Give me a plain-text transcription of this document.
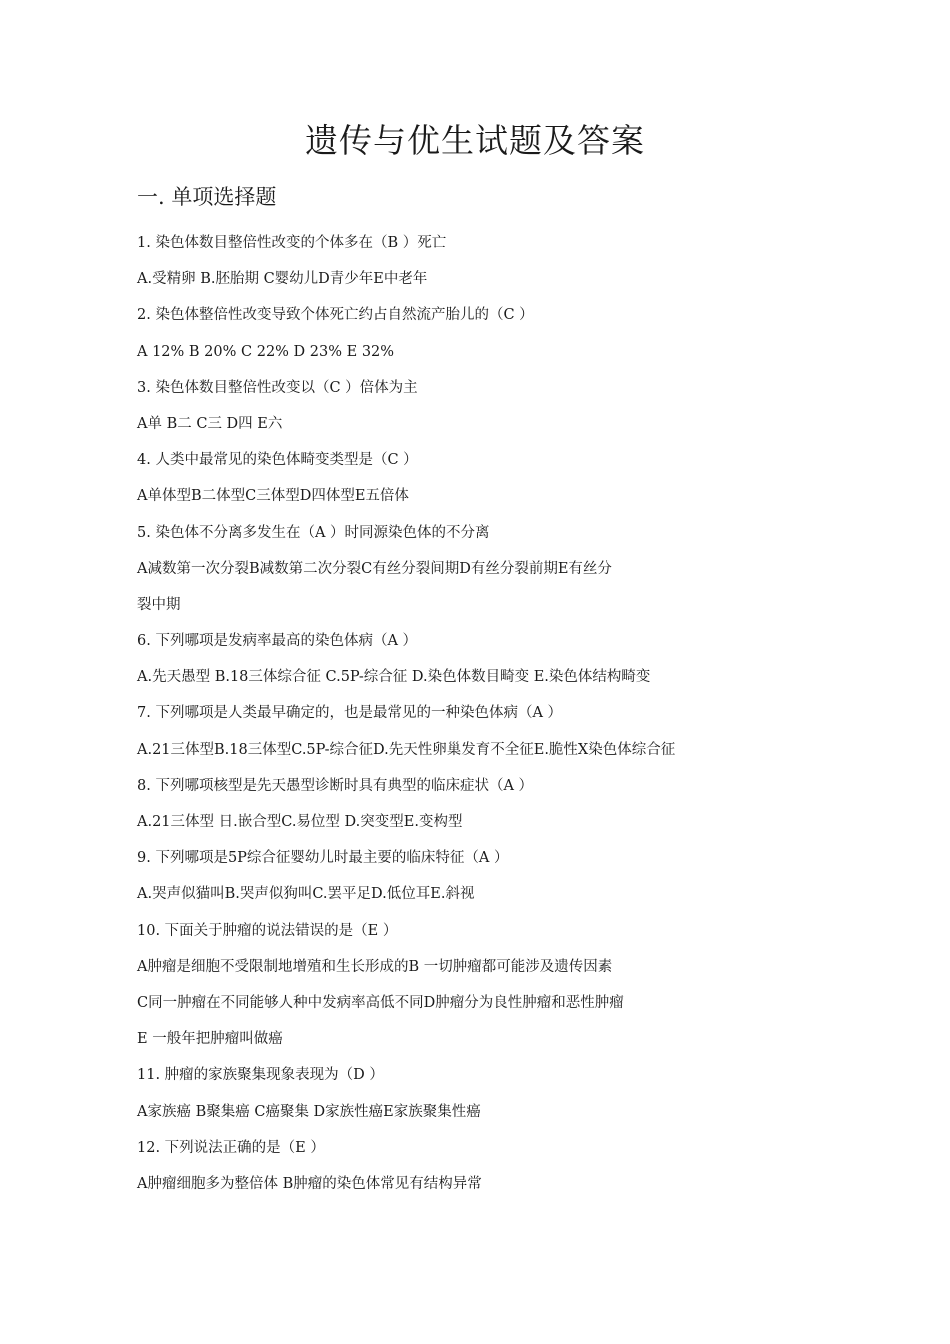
遗传与优生试题及答案
一. 单项选择题
1. 染色体数目整倍性改变的个体多在（B ）死亡
A.受精卵 B.胚胎期 C婴幼儿D青少年E中老年
2. 染色体整倍性改变导致个体死亡约占自然流产胎儿的（C ）
A 12% B 20% C 22% D 23% E 32%
3. 染色体数目整倍性改变以（C ）倍体为主
A单 B二 C三 D四 E六
4. 人类中最常见的染色体畸变类型是（C ）
A单体型B二体型C三体型D四体型E五倍体
5. 染色体不分离多发生在（A ）时同源染色体的不分离
A减数第一次分裂B减数第二次分裂C有丝分裂间期D有丝分裂前期E有丝分
裂中期
6. 下列哪项是发病率最高的染色体病（A ）
A.先天愚型 B.18三体综合征 C.5P-综合征 D.染色体数目畸变 E.染色体结构畸变
7. 下列哪项是人类最早确定的，也是最常见的一种染色体病（A ）
A.21三体型B.18三体型C.5P-综合征D.先天性卵巢发育不全征E.脆性X染色体综合征
8. 下列哪项核型是先天愚型诊断时具有典型的临床症状（A ）
A.21三体型 日.嵌合型C.易位型 D.突变型E.变构型
9. 下列哪项是5P综合征婴幼儿时最主要的临床特征（A ）
A.哭声似猫叫B.哭声似狗叫C.罢平足D.低位耳E.斜视
10. 下面关于肿瘤的说法错误的是（E ）
A肿瘤是细胞不受限制地增殖和生长形成的B 一切肿瘤都可能涉及遗传因素
C同一肿瘤在不同能够人种中发病率高低不同D肿瘤分为良性肿瘤和恶性肿瘤
E 一般年把肿瘤叫做癌
11. 肿瘤的家族聚集现象表现为（D ）
A家族癌 B聚集癌 C癌聚集 D家族性癌E家族聚集性癌
12. 下列说法正确的是（E ）
A肿瘤细胞多为整倍体 B肿瘤的染色体常见有结构异常
